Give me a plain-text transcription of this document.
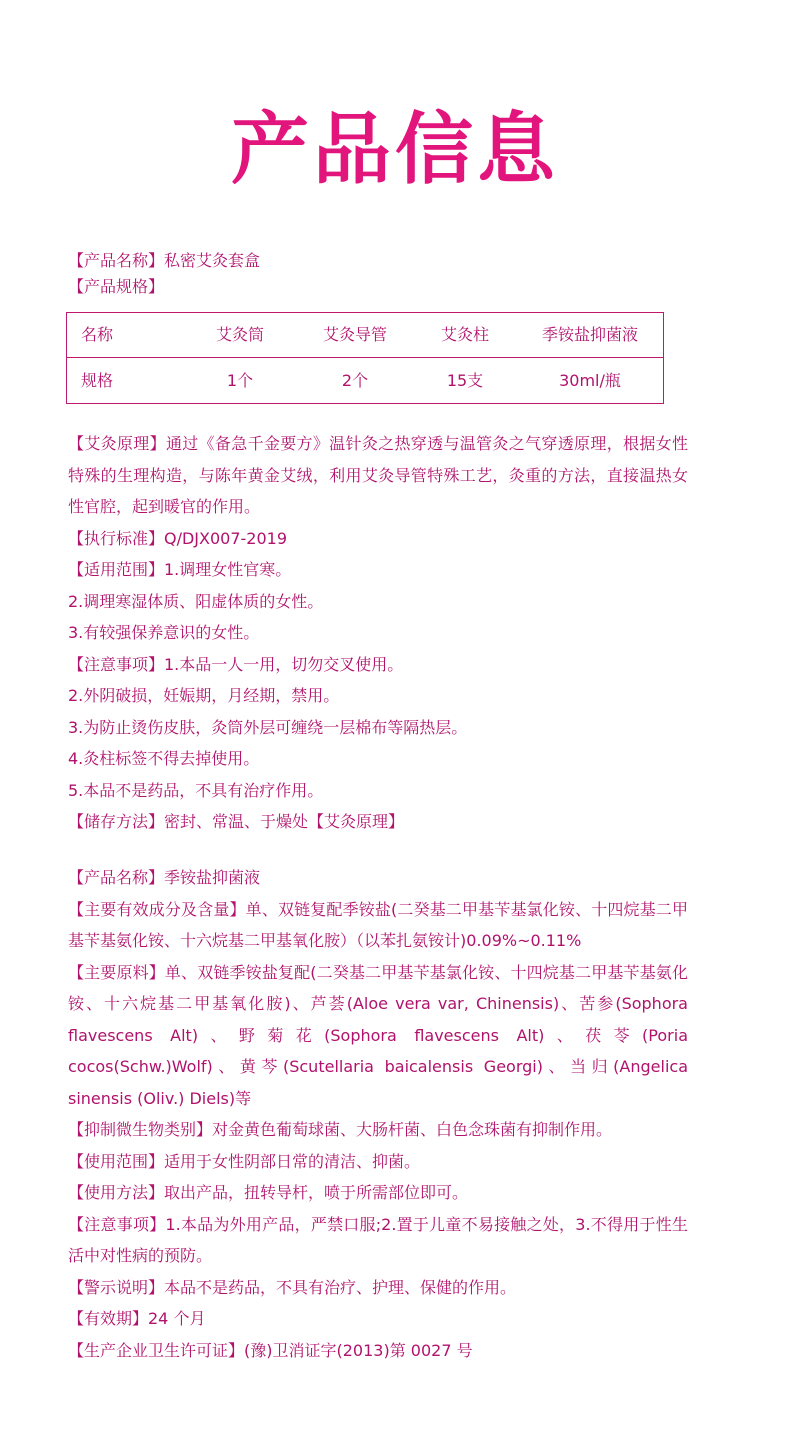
产品信息
【产品名称】私密艾灸套盒
【产品规格】
名称	艾灸筒	艾灸导管	艾灸柱	季铵盐抑菌液
规格	1个	2个	15支	30ml/瓶
【艾灸原理】通过《备急千金要方》温针灸之热穿透与温管灸之气穿透原理，根据女性特殊的生理构造，与陈年黄金艾绒，利用艾灸导管特殊工艺，灸重的方法，直接温热女性官腔，起到暖官的作用。
【执行标准】Q/DJX007-2019
【适用范围】1.调理女性官寒。
2.调理寒湿体质、阳虚体质的女性。
3.有较强保养意识的女性。
【注意事项】1.本品一人一用，切勿交叉使用。
2.外阴破损，妊娠期，月经期，禁用。
3.为防止烫伤皮肤，灸筒外层可缠绕一层棉布等隔热层。
4.灸柱标签不得去掉使用。
5.本品不是药品，不具有治疗作用。
【储存方法】密封、常温、于燥处【艾灸原理】
【产品名称】季铵盐抑菌液
【主要有效成分及含量】单、双链复配季铵盐(二癸基二甲基苄基氯化铵、十四烷基二甲基苄基氨化铵、十六烷基二甲基氧化胺）（以苯扎氨铵计)0.09%~0.11%
【主要原料】单、双链季铵盐复配(二癸基二甲基苄基氯化铵、十四烷基二甲基苄基氨化铵、十六烷基二甲基氧化胺)、芦荟(Aloe vera var, Chinensis)、苦参(Sophora flavescens Alt)、野菊花(Sophora flavescens Alt)、茯苓(Poria cocos(Schw.)Wolf)、黄芩(Scutellaria baicalensis Georgi)、当归(Angelica sinensis (Oliv.) Diels)等
【抑制微生物类别】对金黄色葡萄球菌、大肠杆菌、白色念珠菌有抑制作用。
【使用范围】适用于女性阴部日常的清洁、抑菌。
【使用方法】取出产品，扭转导杆，喷于所需部位即可。
【注意事项】1.本品为外用产品，严禁口服;2.置于儿童不易接触之处，3.不得用于性生活中对性病的预防。
【警示说明】本品不是药品，不具有治疗、护理、保健的作用。
【有效期】24 个月
【生产企业卫生许可证】(豫)卫消证字(2013)第 0027 号
